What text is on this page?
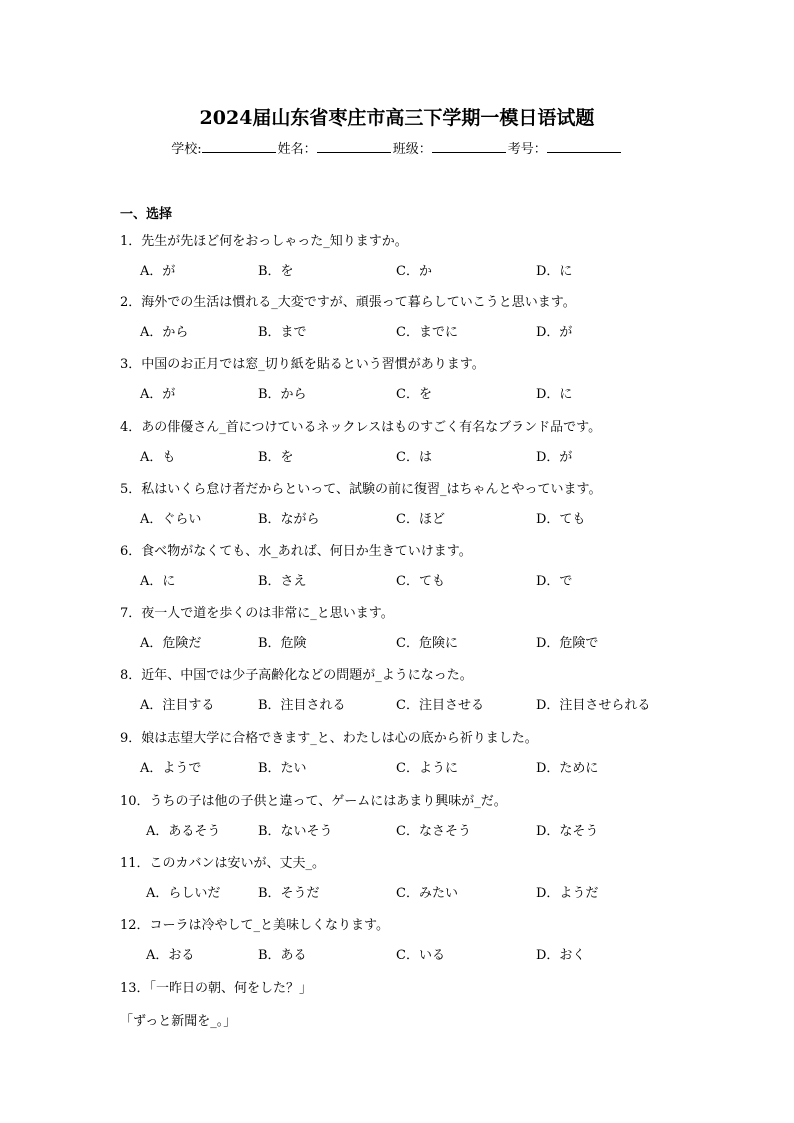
2024届山东省枣庄市高三下学期一模日语试题
学校:	姓名：	班级：	考号：
一、选择
1．先生が先ほど何をおっしゃった_知りますか。
A．が	B．を	C．か	D．に
2．海外での生活は慣れる_大変ですが、頑張って暮らしていこうと思います。
A．から	B．まで	C．までに	D．が
3．中国のお正月では窓_切り紙を貼るという習慣があります。
A．が	B．から	C．を	D．に
4．あの俳優さん_首につけているネックレスはものすごく有名なブランド品です。
A．も	B．を	C．は	D．が
5．私はいくら怠け者だからといって、試験の前に復習_はちゃんとやっています。
A．ぐらい	B．ながら	C．ほど	D．ても
6．食べ物がなくても、水_あれば、何日か生きていけます。
A．に	B．さえ	C．ても	D．で
7．夜一人で道を歩くのは非常に_と思います。
A．危険だ	B．危険	C．危険に	D．危険で
8．近年、中国では少子高齢化などの問題が_ようになった。
A．注目する	B．注目される	C．注目させる	D．注目させられる
9．娘は志望大学に合格できます_と、わたしは心の底から祈りました。
A．ようで	B．たい	C．ように	D．ために
10．うちの子は他の子供と違って、ゲームにはあまり興味が_だ。
A．あるそう	B．ないそう	C．なさそう	D．なそう
11．このカバンは安いが、丈夫_。
A．らしいだ	B．そうだ	C．みたい	D．ようだ
12．コーラは冷やして_と美味しくなります。
A．おる	B．ある	C．いる	D．おく
13．「一昨日の朝、何をした？」
「ずっと新聞を_。」
